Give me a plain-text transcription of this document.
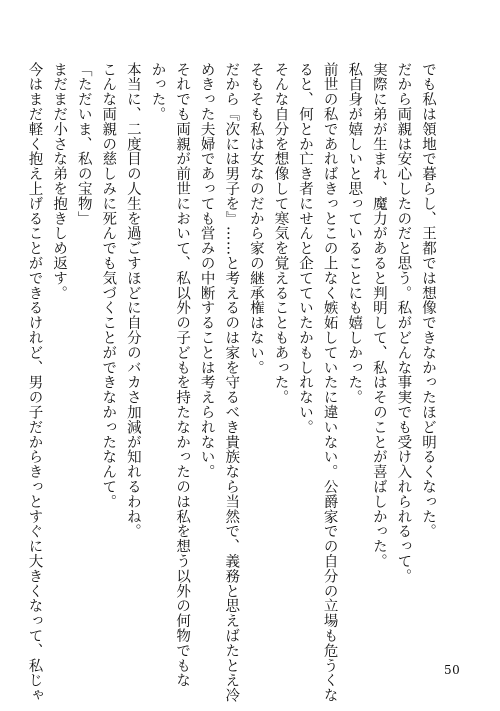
でも私は領地で暮らし、王都では想像できなかったほど明るくなった。
だから両親は安心したのだと思う。私がどんな事実でも受け入れられるって。
実際に弟が生まれ、魔力があると判明して、私はそのことが喜ばしかった。
私自身が嬉しいと思っていることにも嬉しかった。
前世の私であればきっとこの上なく嫉妬していたに違いない。公爵家での自分の立場も危うくな
ると、何とか亡き者にせんと企てていたかもしれない。
そんな自分を想像して寒気を覚えることもあった。
そもそも私は女なのだから家の継承権はない。
だから『次には男子を』……と考えるのは家を守るべき貴族なら当然で、義務と思えばたとえ冷
めきった夫婦であっても営みの中断することは考えられない。
それでも両親が前世において、私以外の子どもを持たなかったのは私を想う以外の何物でもな
かった。
本当に、二度目の人生を過ごすほどに自分のバカさ加減が知れるわね。
こんな両親の慈しみに死んでも気づくことができなかったなんて。
「ただいま、私の宝物」
まだまだ小さな弟を抱きしめ返す。
今はまだ軽く抱え上げることができるけれど、男の子だからきっとすぐに大きくなって、私じゃ	50
